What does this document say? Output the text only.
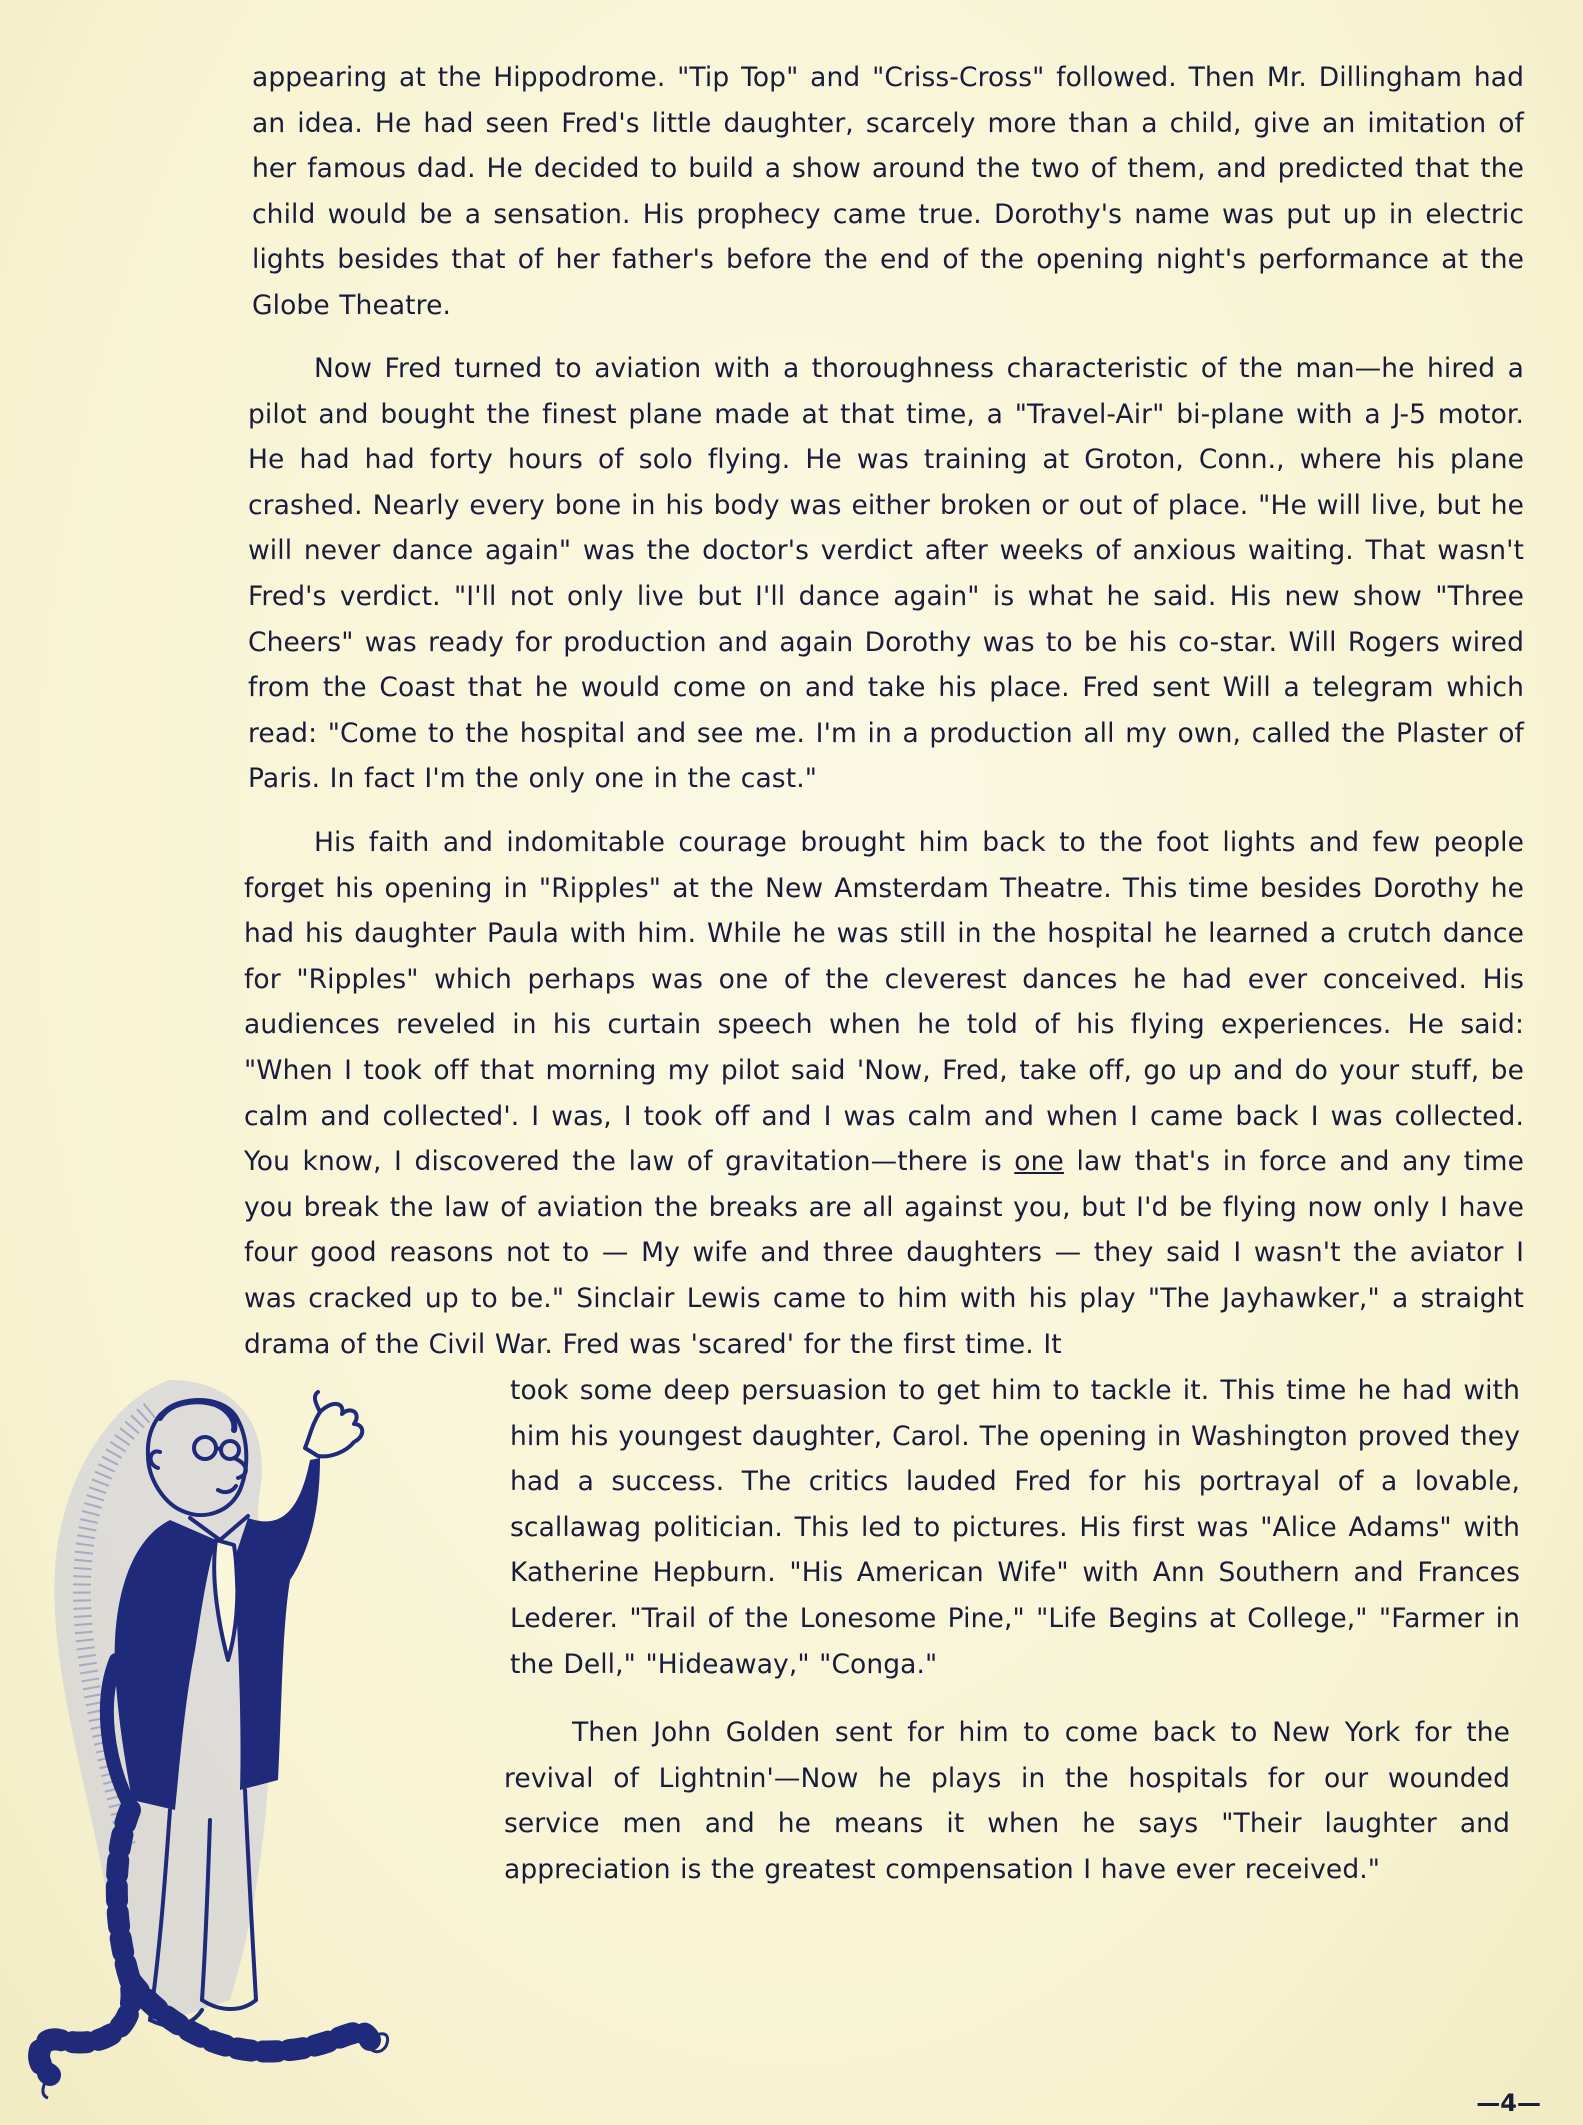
appearing at the Hippodrome. "Tip Top" and "Criss-Cross" followed. Then Mr. Dillingham had an idea. He had seen Fred's little daughter, scarcely more than a child, give an imitation of her famous dad. He decided to build a show around the two of them, and predicted that the child would be a sensation. His prophecy came true. Dorothy's name was put up in electric lights besides that of her father's before the end of the opening night's performance at the Globe Theatre.

Now Fred turned to aviation with a thoroughness characteristic of the man—he hired a pilot and bought the finest plane made at that time, a "Travel-Air" bi-plane with a J-5 motor. He had had forty hours of solo flying. He was training at Groton, Conn., where his plane crashed. Nearly every bone in his body was either broken or out of place. "He will live, but he will never dance again" was the doctor's verdict after weeks of anxious waiting. That wasn't Fred's verdict. "I'll not only live but I'll dance again" is what he said. His new show "Three Cheers" was ready for production and again Dorothy was to be his co-star. Will Rogers wired from the Coast that he would come on and take his place. Fred sent Will a telegram which read: "Come to the hospital and see me. I'm in a production all my own, called the Plaster of Paris. In fact I'm the only one in the cast."

His faith and indomitable courage brought him back to the foot lights and few people forget his opening in "Ripples" at the New Amsterdam Theatre. This time besides Dorothy he had his daughter Paula with him. While he was still in the hospital he learned a crutch dance for "Ripples" which perhaps was one of the cleverest dances he had ever conceived. His audiences reveled in his curtain speech when he told of his flying experiences. He said: "When I took off that morning my pilot said 'Now, Fred, take off, go up and do your stuff, be calm and collected'. I was, I took off and I was calm and when I came back I was collected. You know, I discovered the law of gravitation—there is one law that's in force and any time you break the law of aviation the breaks are all against you, but I'd be flying now only I have four good reasons not to — My wife and three daughters — they said I wasn't the aviator I was cracked up to be." Sinclair Lewis came to him with his play "The Jayhawker," a straight drama of the Civil War. Fred was 'scared' for the first time. It

took some deep persuasion to get him to tackle it. This time he had with him his youngest daughter, Carol. The opening in Washington proved they had a success. The critics lauded Fred for his portrayal of a lovable, scallawag politician. This led to pictures. His first was "Alice Adams" with Katherine Hepburn. "His American Wife" with Ann Southern and Frances Lederer. "Trail of the Lonesome Pine," "Life Begins at College," "Farmer in the Dell," "Hideaway," "Conga."

Then John Golden sent for him to come back to New York for the revival of Lightnin'—Now he plays in the hospitals for our wounded service men and he means it when he says "Their laughter and appreciation is the greatest compensation I have ever received."

—4—
